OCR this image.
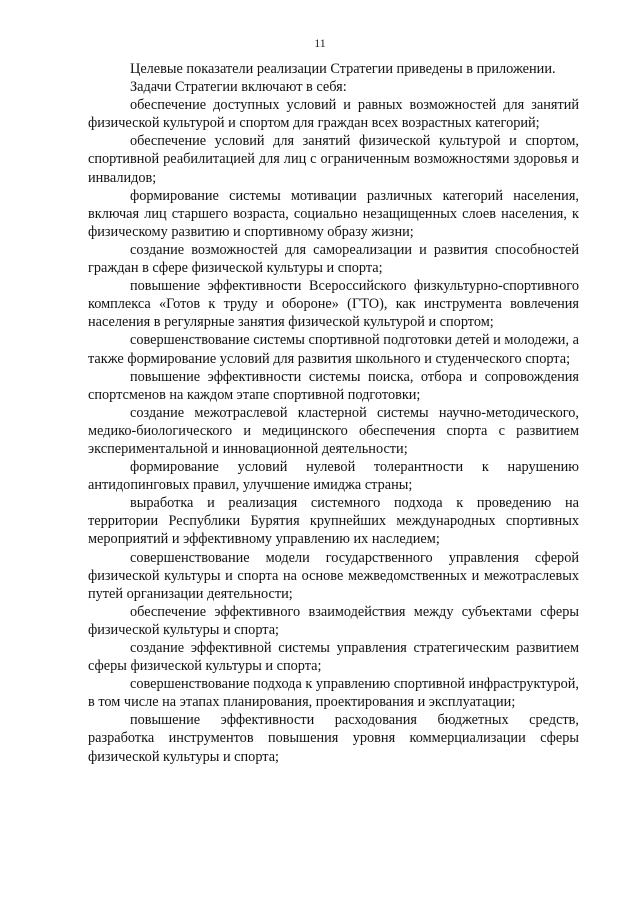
11

Целевые показатели реализации Стратегии приведены в приложении.

Задачи Стратегии включают в себя:

обеспечение доступных условий и равных возможностей для занятий физической культурой и спортом для граждан всех возрастных категорий;

обеспечение условий для занятий физической культурой и спортом, спортивной реабилитацией для лиц с ограниченным возможностями здоровья и инвалидов;

формирование системы мотивации различных категорий населения, включая лиц старшего возраста, социально незащищенных слоев населения, к физическому развитию и спортивному образу жизни;

создание возможностей для самореализации и развития способностей граждан в сфере физической культуры и спорта;

повышение эффективности Всероссийского физкультурно-спортивного комплекса «Готов к труду и обороне» (ГТО), как инструмента вовлечения населения в регулярные занятия физической культурой и спортом;

совершенствование системы спортивной подготовки детей и молодежи, а также формирование условий для развития школьного и студенческого спорта;

повышение эффективности системы поиска, отбора и сопровождения спортсменов на каждом этапе спортивной подготовки;

создание межотраслевой кластерной системы научно-методического, медико-биологического и медицинского обеспечения спорта с развитием экспериментальной и инновационной деятельности;

формирование условий нулевой толерантности к нарушению антидопинговых правил, улучшение имиджа страны;

выработка и реализация системного подхода к проведению на территории Республики Бурятия крупнейших международных спортивных мероприятий и эффективному управлению их наследием;

совершенствование модели государственного управления сферой физической культуры и спорта на основе межведомственных и межотраслевых путей организации деятельности;

обеспечение эффективного взаимодействия между субъектами сферы физической культуры и спорта;

создание эффективной системы управления стратегическим развитием сферы физической культуры и спорта;

совершенствование подхода к управлению спортивной инфраструктурой, в том числе на этапах планирования, проектирования и эксплуатации;

повышение эффективности расходования бюджетных средств, разработка инструментов повышения уровня коммерциализации сферы физической культуры и спорта;
